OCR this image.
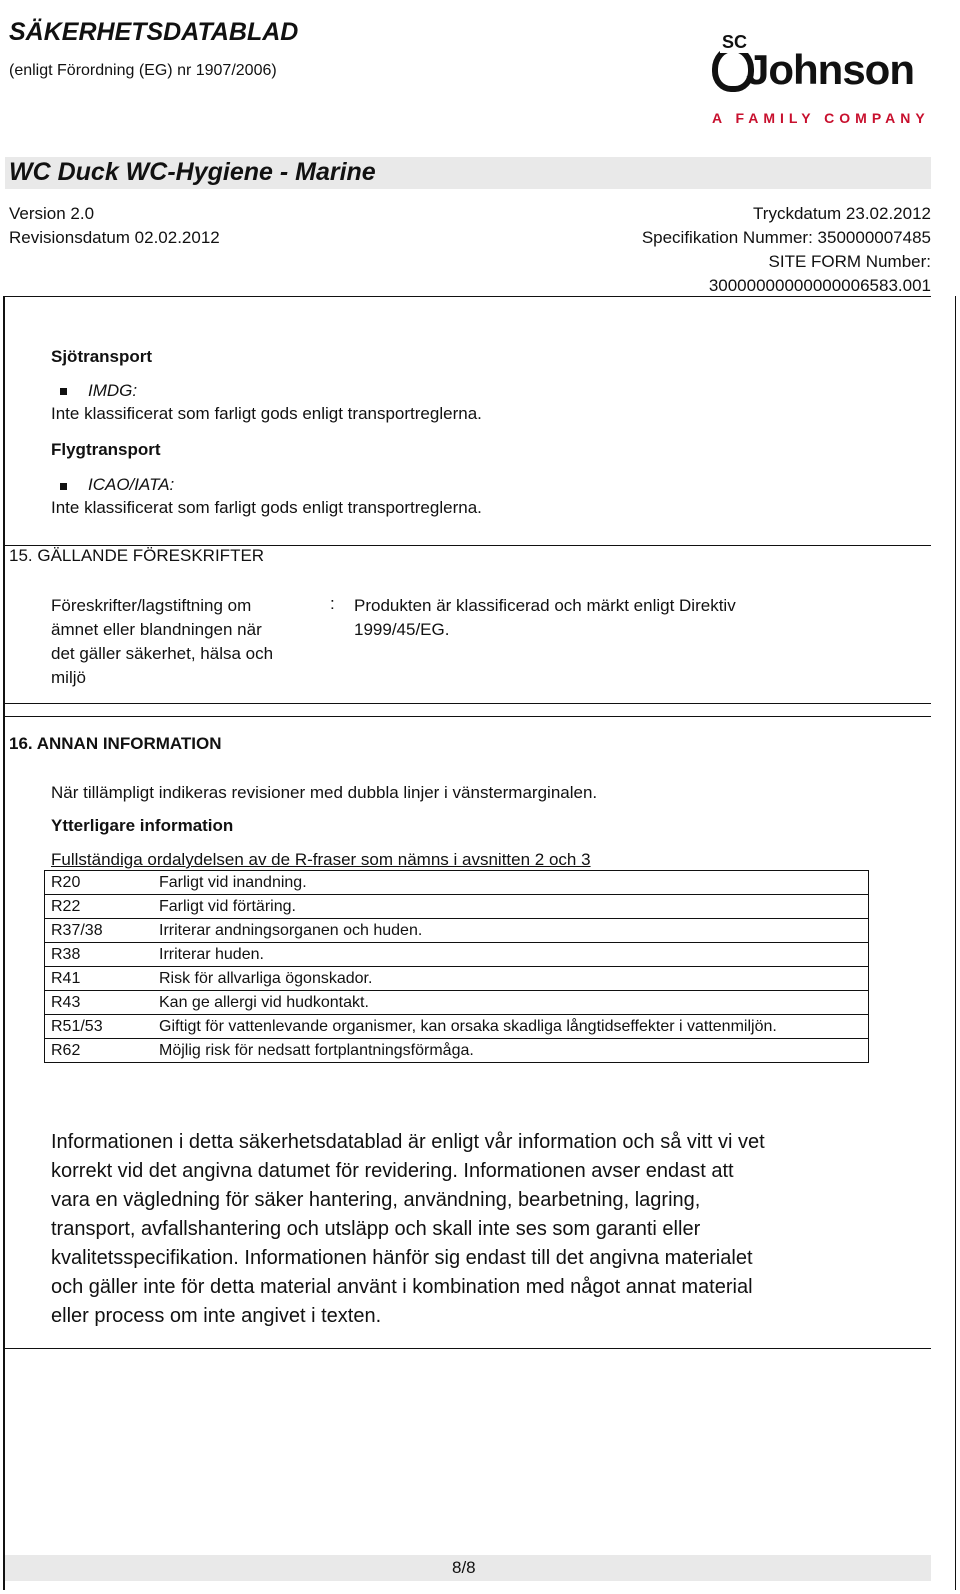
SÄKERHETSDATABLAD
(enligt Förordning (EG) nr 1907/2006)
SC
Johnson
A FAMILY COMPANY
WC Duck WC-Hygiene - Marine
Version 2.0
Revisionsdatum 02.02.2012
Tryckdatum 23.02.2012
Specifikation Nummer: 350000007485
SITE FORM Number:
30000000000000006583.001
Sjötransport
IMDG:
Inte klassificerat som farligt gods enligt transportreglerna.
Flygtransport
ICAO/IATA:
Inte klassificerat som farligt gods enligt transportreglerna.
15. GÄLLANDE FÖRESKRIFTER
Föreskrifter/lagstiftning om
ämnet eller blandningen när
det gäller säkerhet, hälsa och
miljö
: Produkten är klassificerad och märkt enligt Direktiv
1999/45/EG.
16. ANNAN INFORMATION
När tillämpligt indikeras revisioner med dubbla linjer i vänstermarginalen.
Ytterligare information
Fullständiga ordalydelsen av de R-fraser som nämns i avsnitten 2 och 3
R20	Farligt vid inandning.
R22	Farligt vid förtäring.
R37/38	Irriterar andningsorganen och huden.
R38	Irriterar huden.
R41	Risk för allvarliga ögonskador.
R43	Kan ge allergi vid hudkontakt.
R51/53	Giftigt för vattenlevande organismer, kan orsaka skadliga långtidseffekter i vattenmiljön.
R62	Möjlig risk för nedsatt fortplantningsförmåga.
Informationen i detta säkerhetsdatablad är enligt vår information och så vitt vi vet
korrekt vid det angivna datumet för revidering. Informationen avser endast att
vara en vägledning för säker hantering, användning, bearbetning, lagring,
transport, avfallshantering och utsläpp och skall inte ses som garanti eller
kvalitetsspecifikation. Informationen hänför sig endast till det angivna materialet
och gäller inte för detta material använt i kombination med något annat material
eller process om inte angivet i texten.
8/8
